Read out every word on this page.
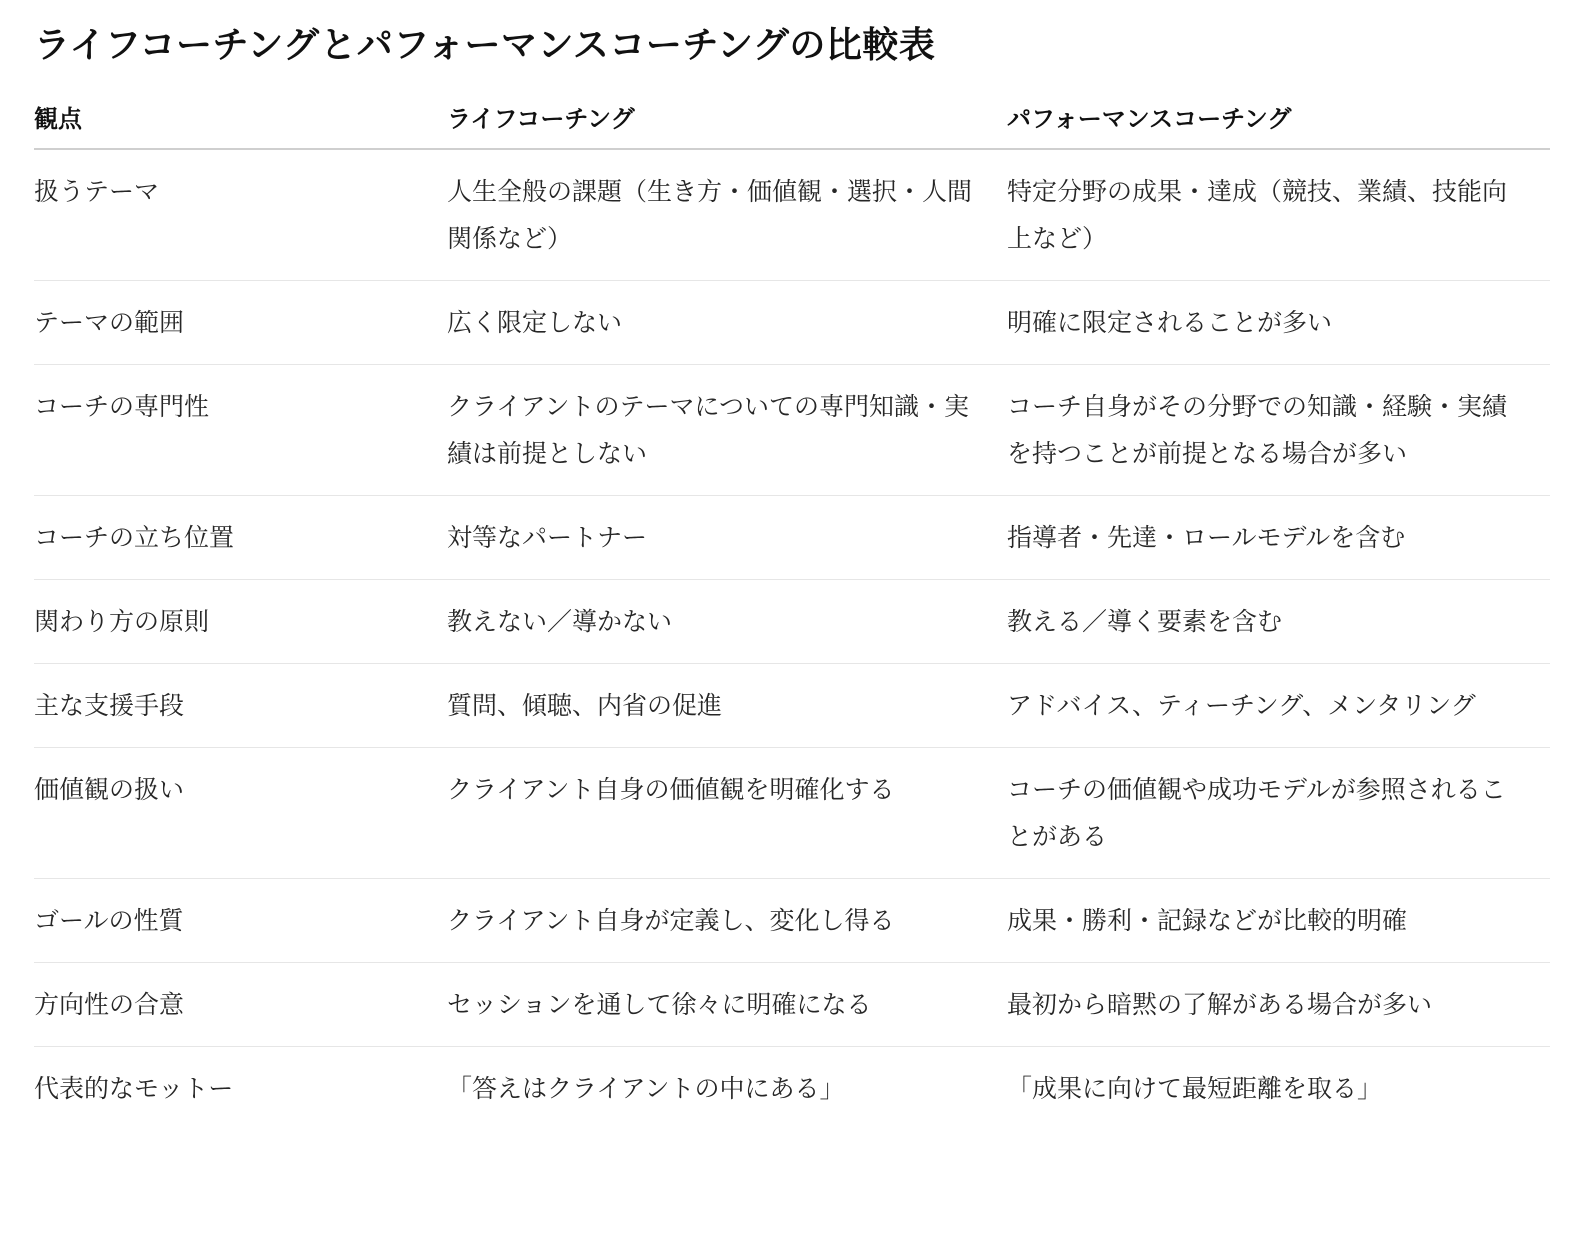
ライフコーチングとパフォーマンスコーチングの比較表
観点	ライフコーチング	パフォーマンスコーチング
扱うテーマ	人生全般の課題（生き方・価値観・選択・人間関係など）	特定分野の成果・達成（競技、業績、技能向上など）
テーマの範囲	広く限定しない	明確に限定されることが多い
コーチの専門性	クライアントのテーマについての専門知識・実績は前提としない	コーチ自身がその分野での知識・経験・実績を持つことが前提となる場合が多い
コーチの立ち位置	対等なパートナー	指導者・先達・ロールモデルを含む
関わり方の原則	教えない／導かない	教える／導く要素を含む
主な支援手段	質問、傾聴、内省の促進	アドバイス、ティーチング、メンタリング
価値観の扱い	クライアント自身の価値観を明確化する	コーチの価値観や成功モデルが参照されることがある
ゴールの性質	クライアント自身が定義し、変化し得る	成果・勝利・記録などが比較的明確
方向性の合意	セッションを通して徐々に明確になる	最初から暗黙の了解がある場合が多い
代表的なモットー	「答えはクライアントの中にある」	「成果に向けて最短距離を取る」
